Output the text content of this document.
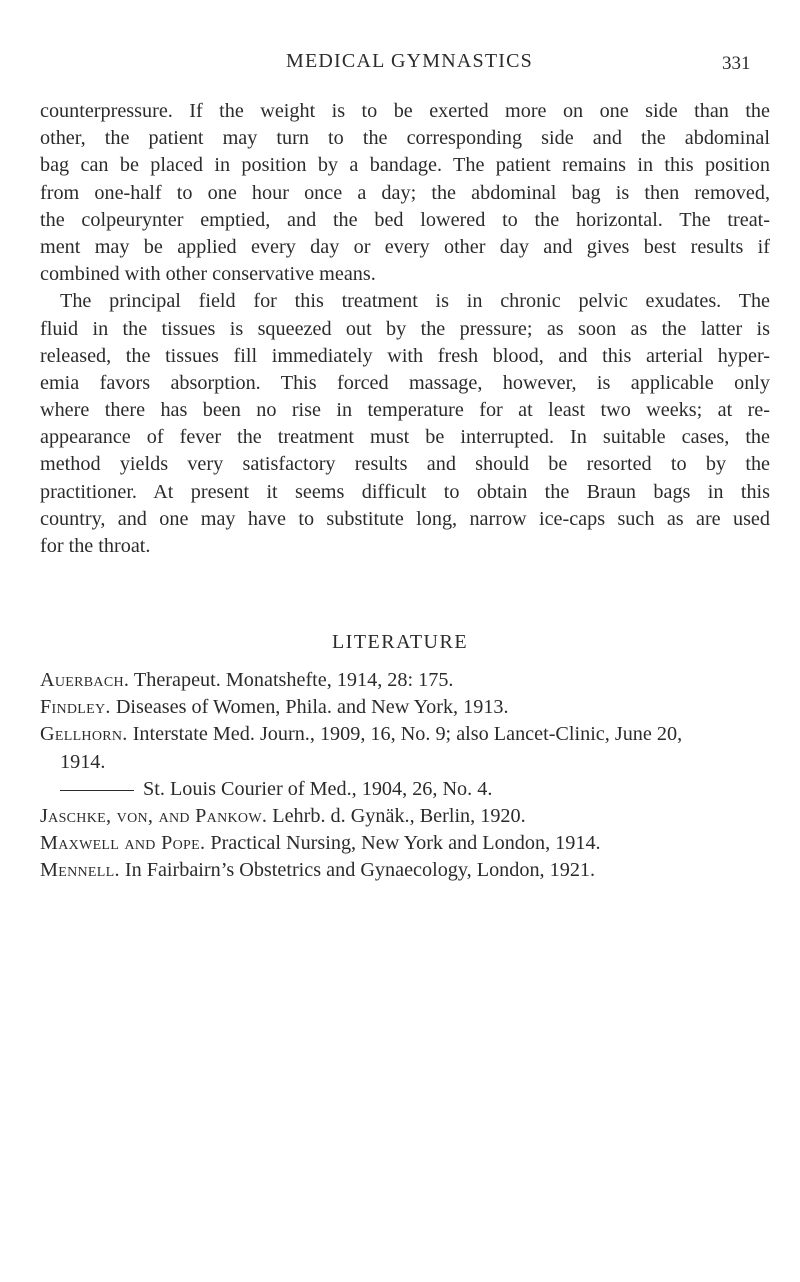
MEDICAL GYMNASTICS	331
counterpressure. If the weight is to be exerted more on one side than the
other, the patient may turn to the corresponding side and the abdominal
bag can be placed in position by a bandage. The patient remains in this position
from one-half to one hour once a day; the abdominal bag is then removed,
the colpeurynter emptied, and the bed lowered to the horizontal. The treat-
ment may be applied every day or every other day and gives best results if
combined with other conservative means.
The principal field for this treatment is in chronic pelvic exudates. The
fluid in the tissues is squeezed out by the pressure; as soon as the latter is
released, the tissues fill immediately with fresh blood, and this arterial hyper-
emia favors absorption. This forced massage, however, is applicable only
where there has been no rise in temperature for at least two weeks; at re-
appearance of fever the treatment must be interrupted. In suitable cases, the
method yields very satisfactory results and should be resorted to by the
practitioner. At present it seems difficult to obtain the Braun bags in this
country, and one may have to substitute long, narrow ice-caps such as are used
for the throat.
LITERATURE
Auerbach. Therapeut. Monatshefte, 1914, 28: 175.
Findley. Diseases of Women, Phila. and New York, 1913.
Gellhorn. Interstate Med. Journ., 1909, 16, No. 9; also Lancet-Clinic, June 20,
1914.
St. Louis Courier of Med., 1904, 26, No. 4.
Jaschke, von, and Pankow. Lehrb. d. Gynäk., Berlin, 1920.
Maxwell and Pope. Practical Nursing, New York and London, 1914.
Mennell. In Fairbairn’s Obstetrics and Gynaecology, London, 1921.
